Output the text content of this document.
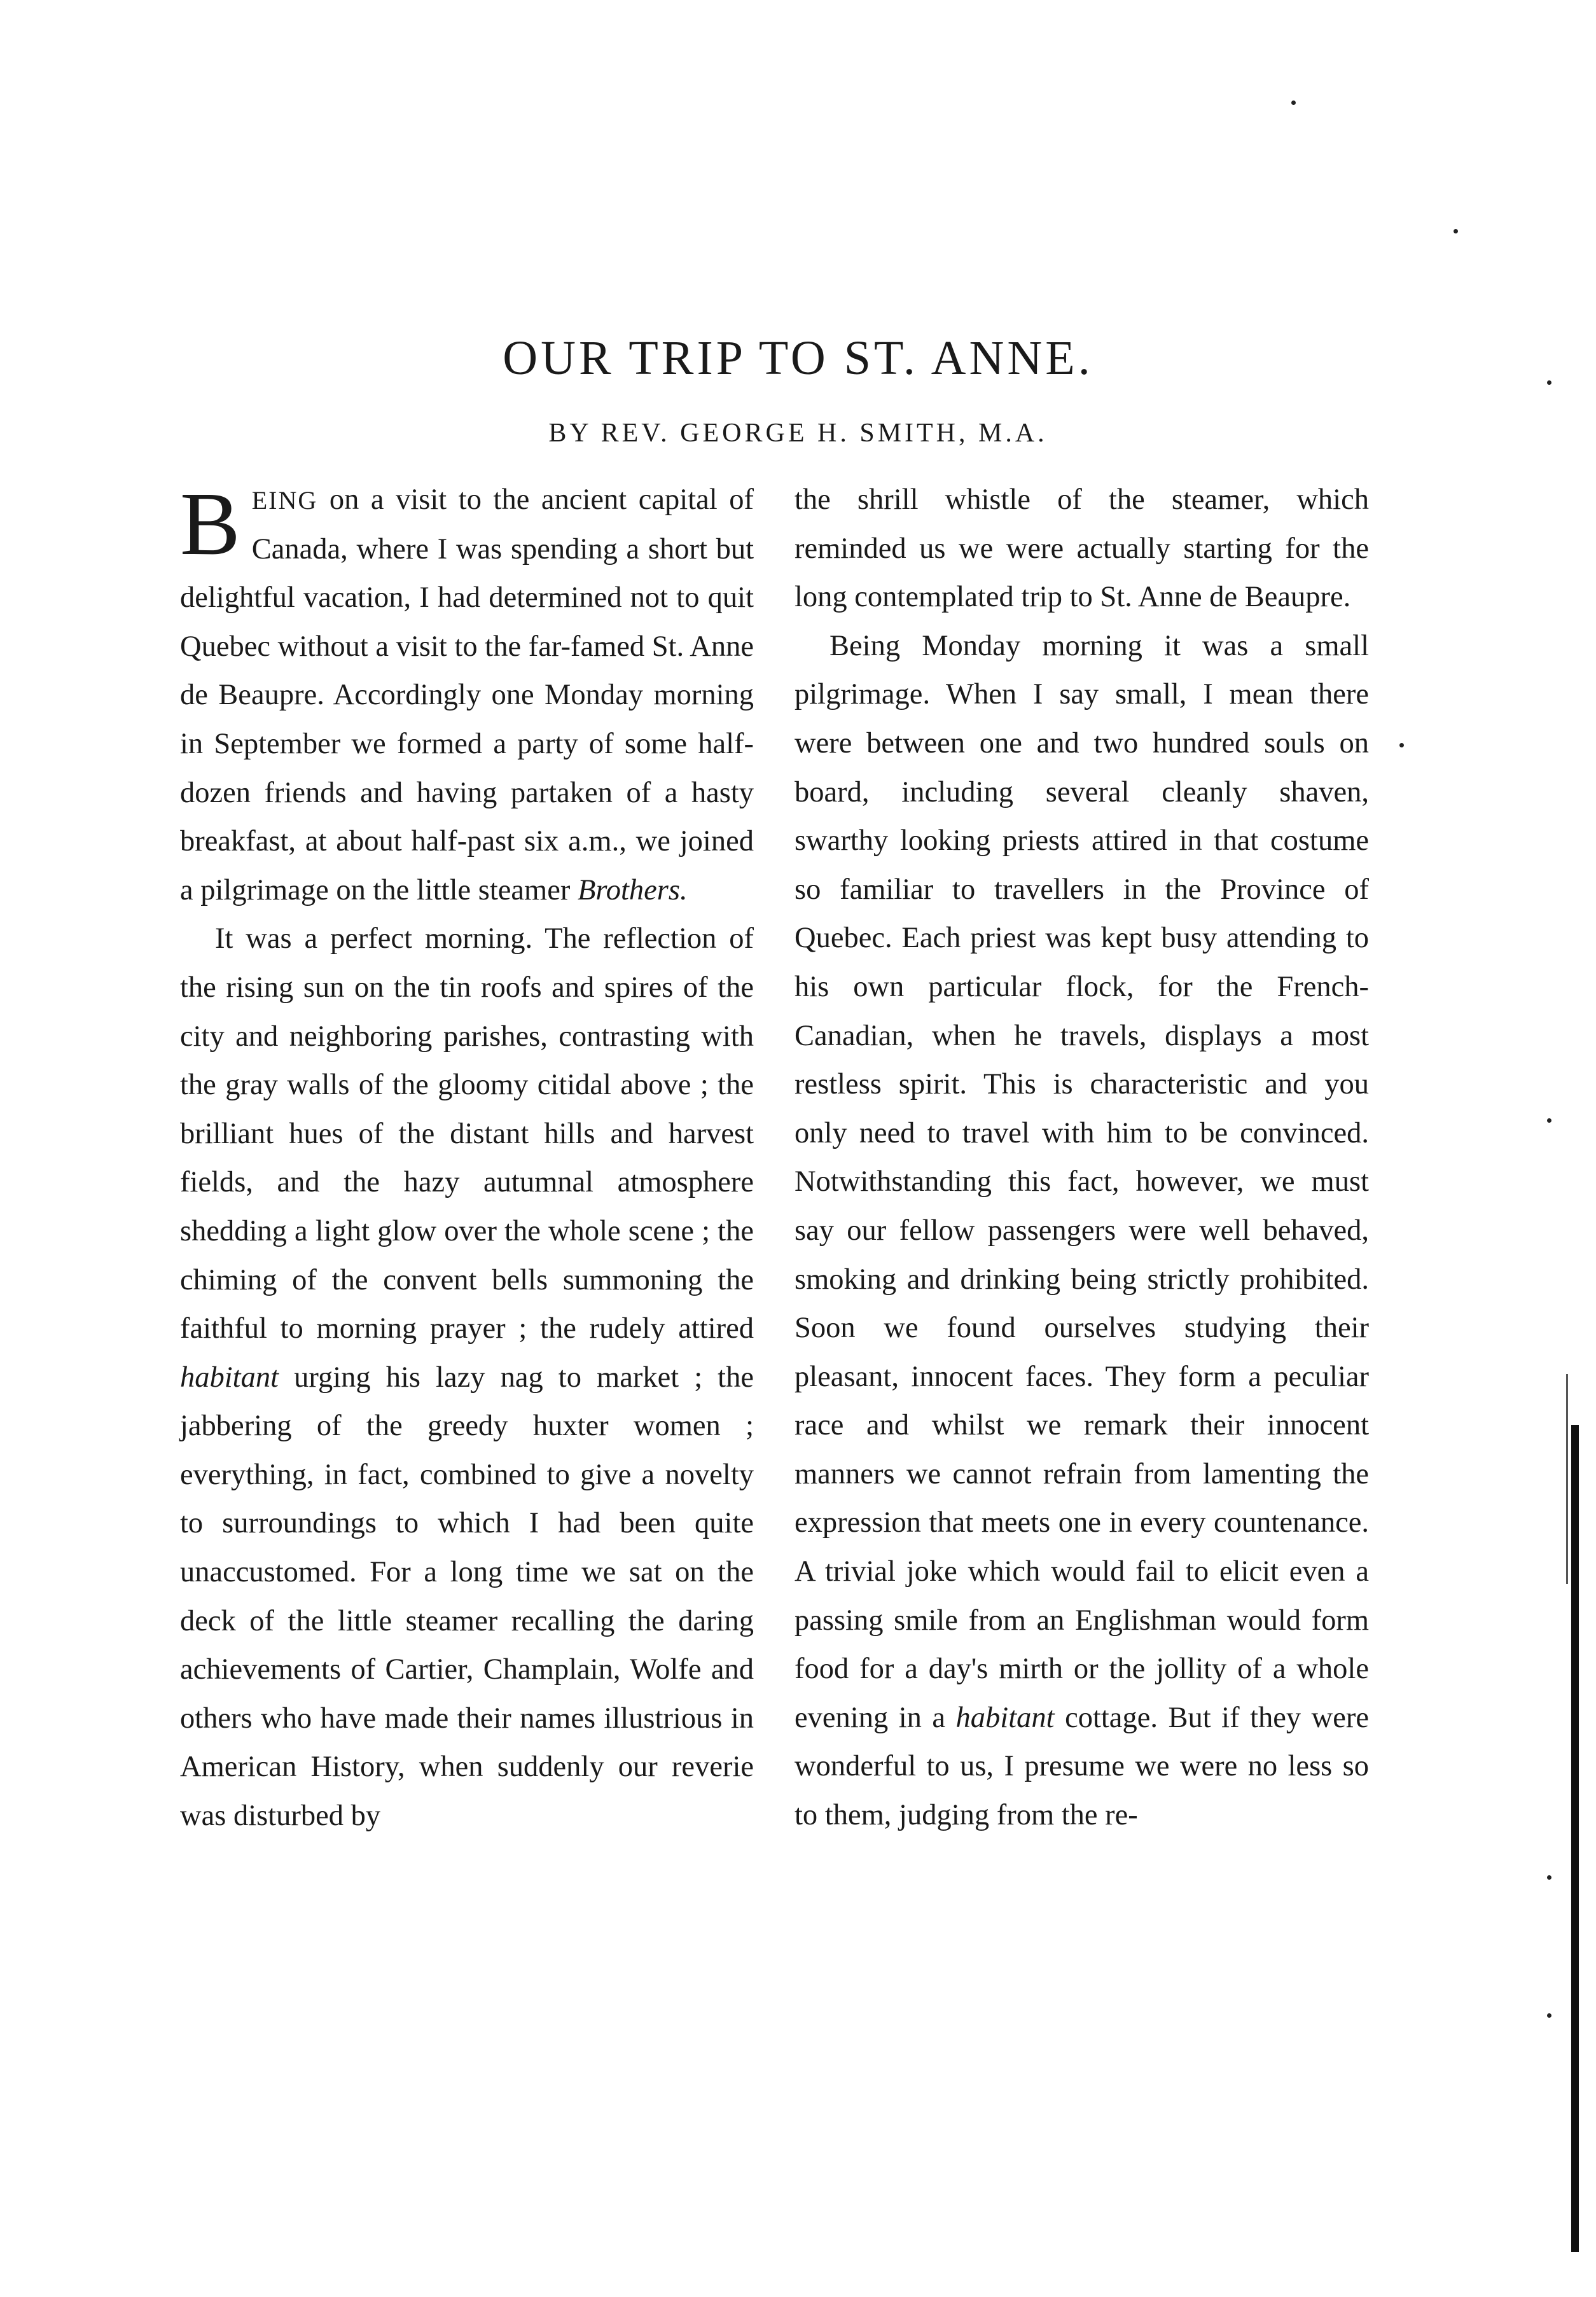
OUR TRIP TO ST. ANNE.
BY REV. GEORGE H. SMITH, M.A.

BEING on a visit to the ancient capital of Canada, where I was spending a short but delightful vacation, I had determined not to quit Quebec without a visit to the far-famed St. Anne de Beaupre. Accordingly one Monday morning in September we formed a party of some half-dozen friends and having partaken of a hasty breakfast, at about half-past six a.m., we joined a pilgrimage on the little steamer Brothers.

It was a perfect morning. The reflection of the rising sun on the tin roofs and spires of the city and neighboring parishes, contrasting with the gray walls of the gloomy citidal above ; the brilliant hues of the distant hills and harvest fields, and the hazy autumnal atmosphere shedding a light glow over the whole scene ; the chiming of the convent bells summoning the faithful to morning prayer ; the rudely attired habitant urging his lazy nag to market ; the jabbering of the greedy huxter women ; everything, in fact, combined to give a novelty to surroundings to which I had been quite unaccustomed. For a long time we sat on the deck of the little steamer recalling the daring achievements of Cartier, Champlain, Wolfe and others who have made their names illustrious in American History, when suddenly our reverie was disturbed by

the shrill whistle of the steamer, which reminded us we were actually starting for the long contemplated trip to St. Anne de Beaupre.

Being Monday morning it was a small pilgrimage. When I say small, I mean there were between one and two hundred souls on board, including several cleanly shaven, swarthy looking priests attired in that costume so familiar to travellers in the Province of Quebec. Each priest was kept busy attending to his own particular flock, for the French-Canadian, when he travels, displays a most restless spirit. This is characteristic and you only need to travel with him to be convinced. Notwithstanding this fact, however, we must say our fellow passengers were well behaved, smoking and drinking being strictly prohibited. Soon we found ourselves studying their pleasant, innocent faces. They form a peculiar race and whilst we remark their innocent manners we cannot refrain from lamenting the expression that meets one in every countenance. A trivial joke which would fail to elicit even a passing smile from an Englishman would form food for a day's mirth or the jollity of a whole evening in a habitant cottage. But if they were wonderful to us, I presume we were no less so to them, judging from the re-
